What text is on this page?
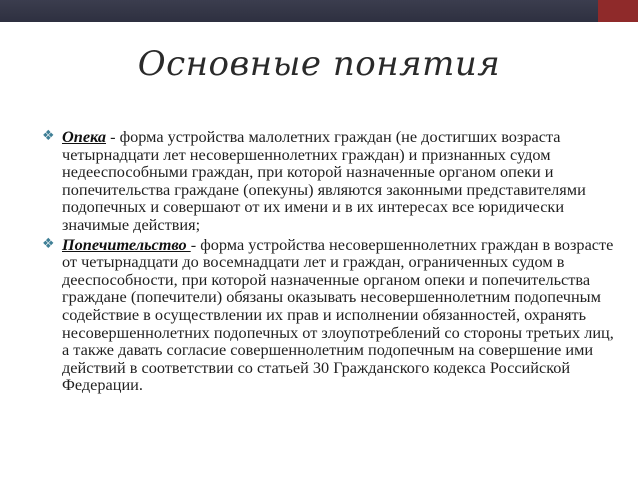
Основные понятия

❖ Опека - форма устройства малолетних граждан (не достигших возраста четырнадцати лет несовершеннолетних граждан) и признанных судом недееспособными граждан, при которой назначенные органом опеки и попечительства граждане (опекуны) являются законными представителями подопечных и совершают от их имени и в их интересах все юридически значимые действия;

❖ Попечительство - форма устройства несовершеннолетних граждан в возрасте от четырнадцати до восемнадцати лет и граждан, ограниченных судом в дееспособности, при которой назначенные органом опеки и попечительства граждане (попечители) обязаны оказывать несовершеннолетним подопечным содействие в осуществлении их прав и исполнении обязанностей, охранять несовершеннолетних подопечных от злоупотреблений со стороны третьих лиц, а также давать согласие совершеннолетним подопечным на совершение ими действий в соответствии со статьей 30 Гражданского кодекса Российской Федерации.
